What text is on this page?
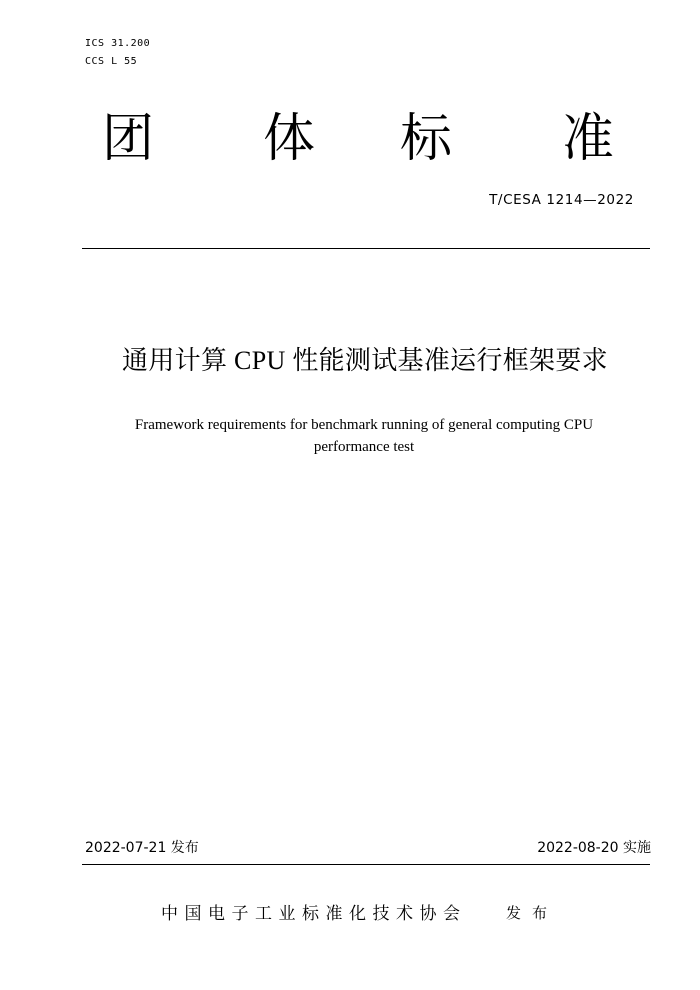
ICS 31.200
CCS L 55
团 体 标 准
T/CESA 1214—2022
通用计算 CPU 性能测试基准运行框架要求
Framework requirements for benchmark running of general computing CPU performance test
2022-07-21 发布	2022-08-20 实施
中国电子工业标准化技术协会	发布
